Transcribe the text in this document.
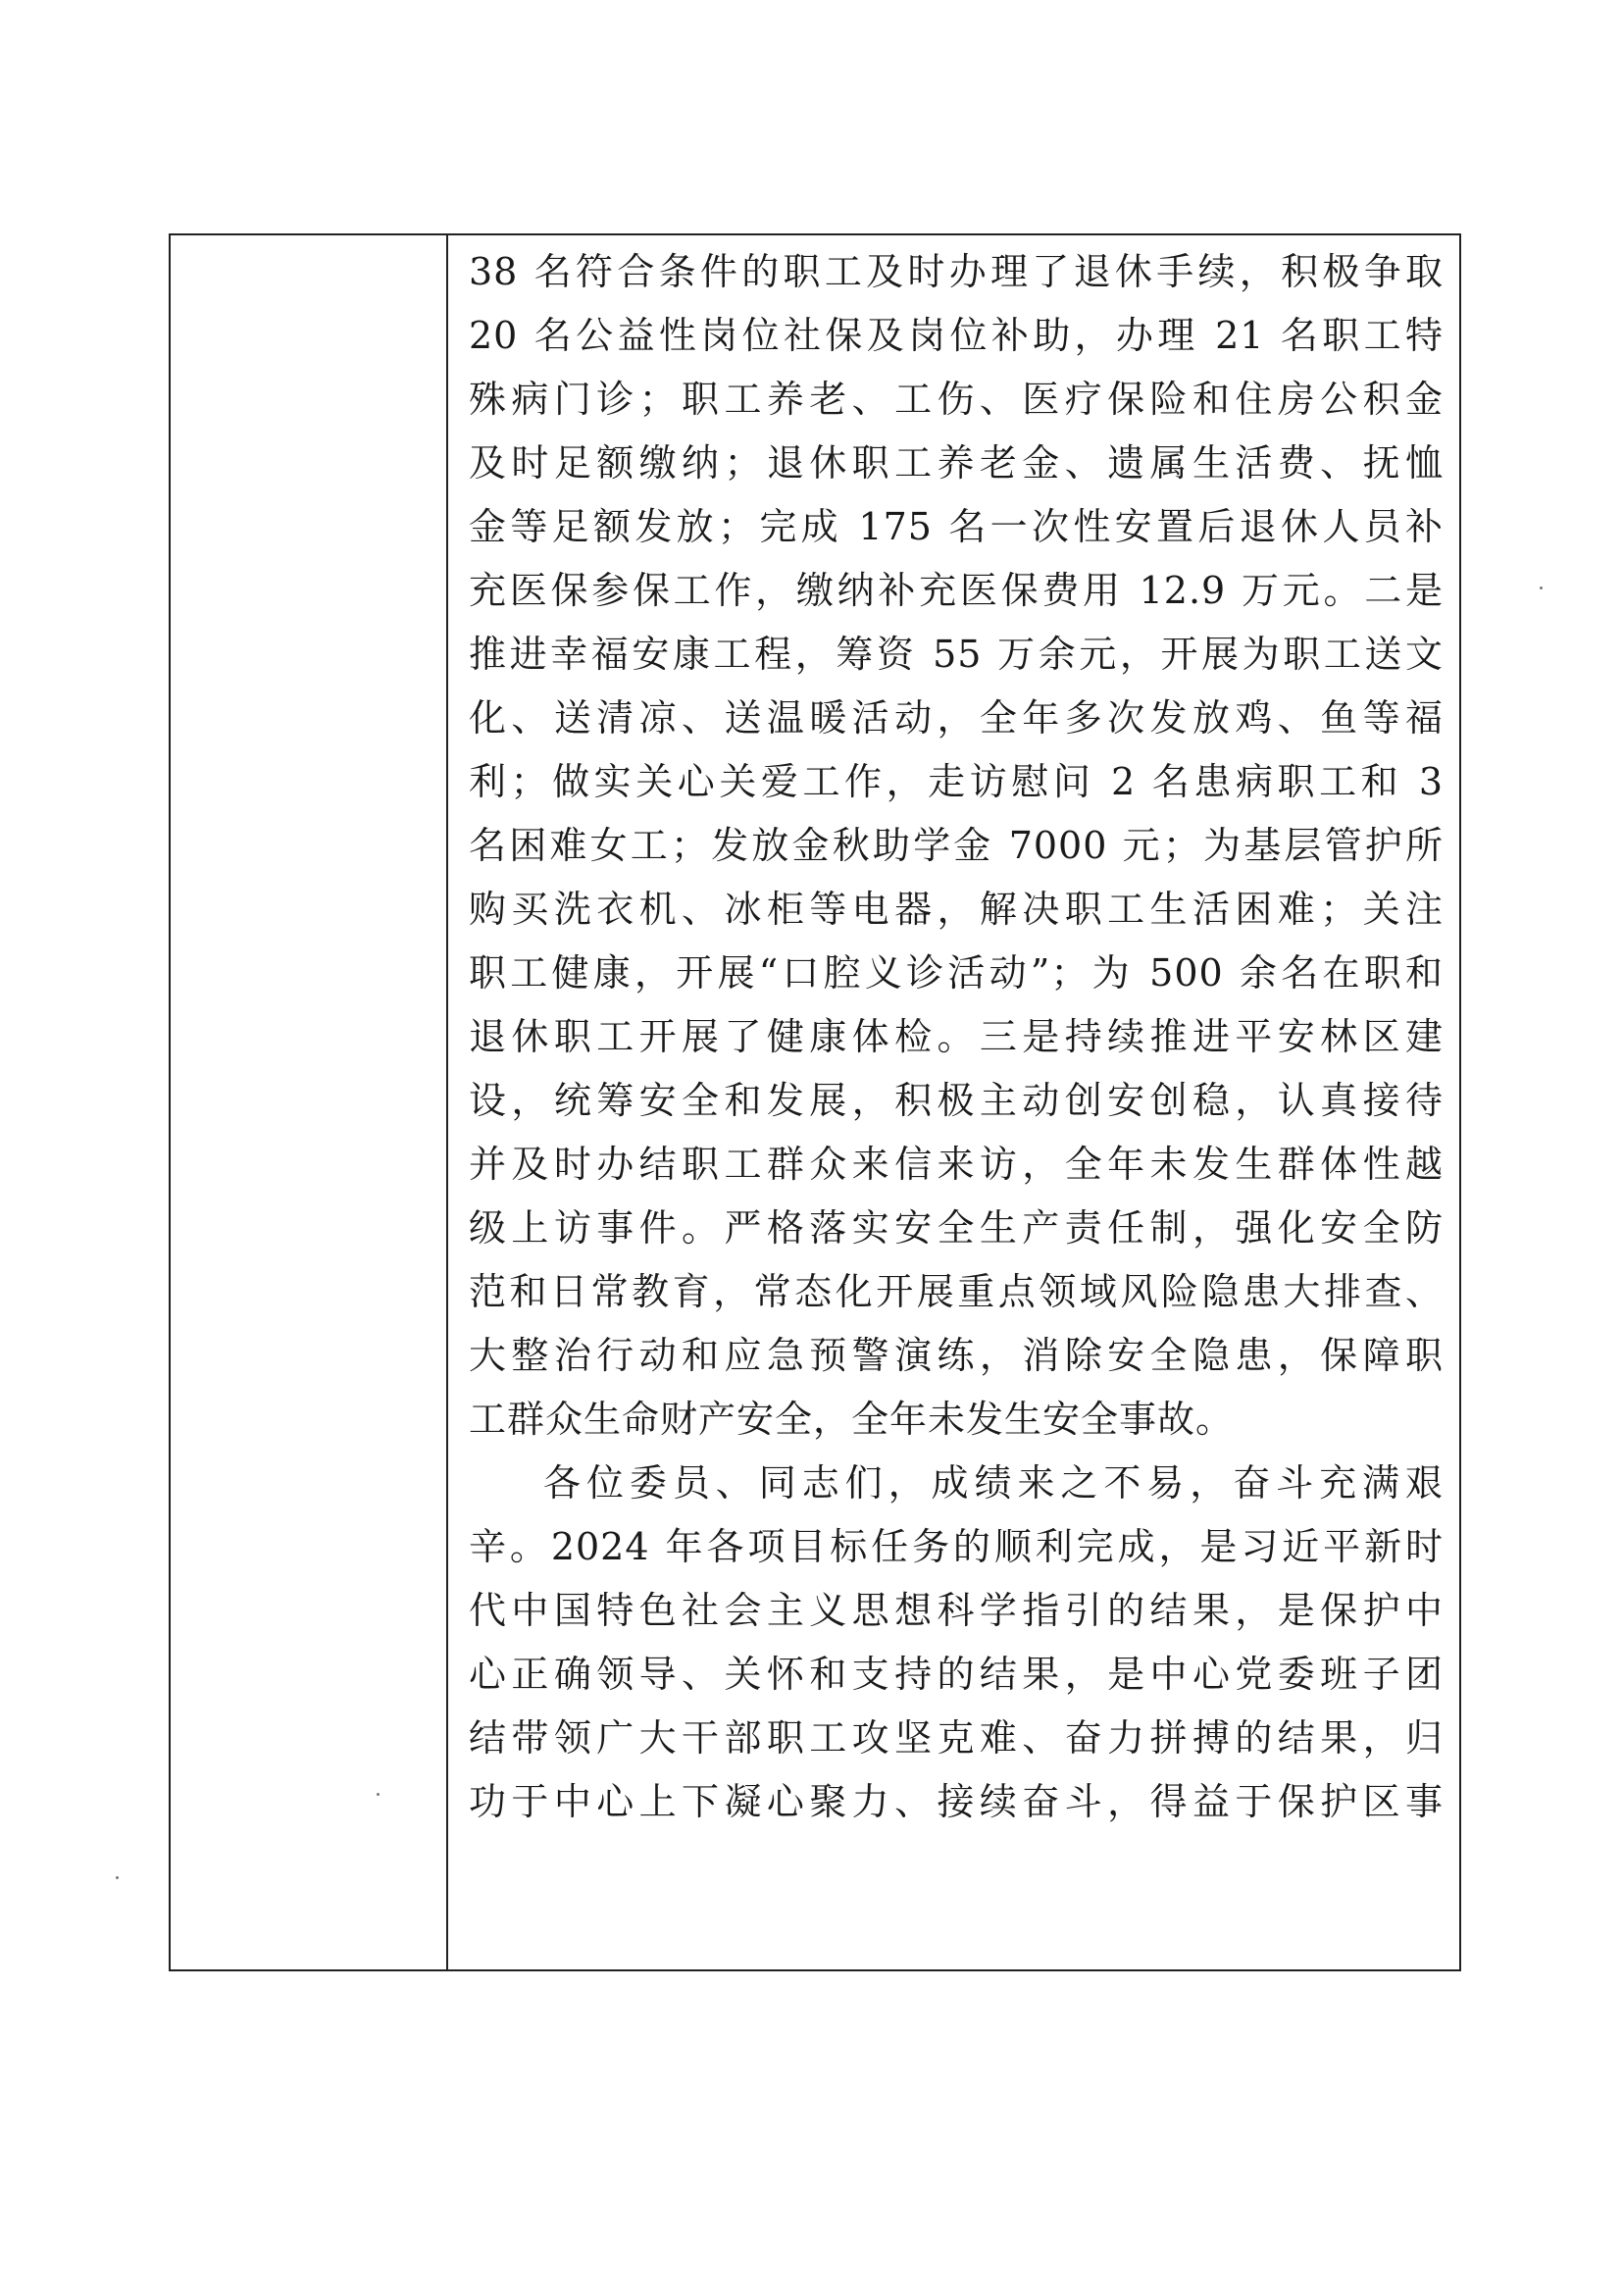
38 名符合条件的职工及时办理了退休手续，积极争取
20 名公益性岗位社保及岗位补助，办理 21 名职工特
殊病门诊；职工养老、工伤、医疗保险和住房公积金
及时足额缴纳；退休职工养老金、遗属生活费、抚恤
金等足额发放；完成 175 名一次性安置后退休人员补
充医保参保工作，缴纳补充医保费用 12.9 万元。二是
推进幸福安康工程，筹资 55 万余元，开展为职工送文
化、送清凉、送温暖活动，全年多次发放鸡、鱼等福
利；做实关心关爱工作，走访慰问 2 名患病职工和 3
名困难女工；发放金秋助学金 7000 元；为基层管护所
购买洗衣机、冰柜等电器，解决职工生活困难；关注
职工健康，开展“口腔义诊活动”；为 500 余名在职和
退休职工开展了健康体检。三是持续推进平安林区建
设，统筹安全和发展，积极主动创安创稳，认真接待
并及时办结职工群众来信来访，全年未发生群体性越
级上访事件。严格落实安全生产责任制，强化安全防
范和日常教育，常态化开展重点领域风险隐患大排查、
大整治行动和应急预警演练，消除安全隐患，保障职
工群众生命财产安全，全年未发生安全事故。
各位委员、同志们，成绩来之不易，奋斗充满艰
辛。2024 年各项目标任务的顺利完成，是习近平新时
代中国特色社会主义思想科学指引的结果，是保护中
心正确领导、关怀和支持的结果，是中心党委班子团
结带领广大干部职工攻坚克难、奋力拼搏的结果，归
功于中心上下凝心聚力、接续奋斗，得益于保护区事
